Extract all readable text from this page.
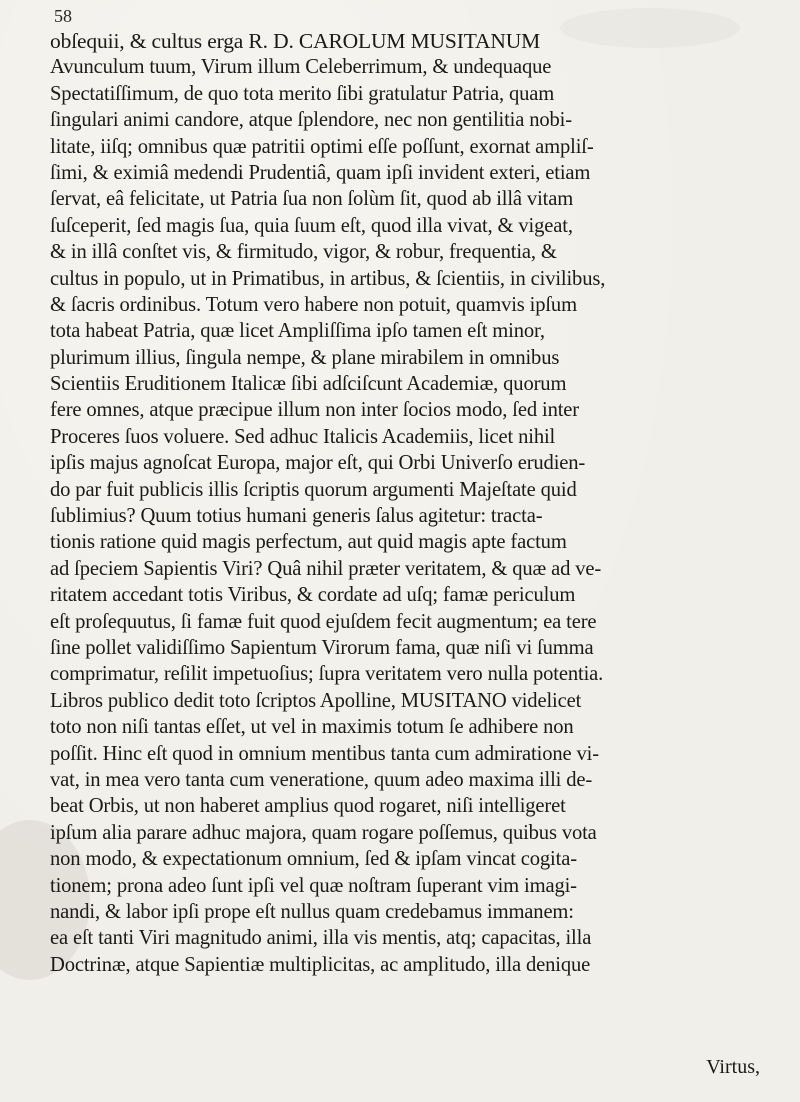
58
obſequii, & cultus erga R. D. CAROLUM MUSITANUM
Avunculum tuum, Virum illum Celeberrimum, & undequaque
Spectatiſſimum, de quo tota merito ſibi gratulatur Patria, quam
ſingulari animi candore, atque ſplendore, nec non gentilitia nobi-
litate, iiſq; omnibus quæ patritii optimi eſſe poſſunt, exornat ampliſ-
ſimi, & eximiâ medendi Prudentiâ, quam ipſi invident exteri, etiam
ſervat, eâ felicitate, ut Patria ſua non ſolùm ſit, quod ab illâ vitam
ſuſceperit, ſed magis ſua, quia ſuum eſt, quod illa vivat, & vigeat,
& in illâ conſtet vis, & firmitudo, vigor, & robur, frequentia, &
cultus in populo, ut in Primatibus, in artibus, & ſcientiis, in civilibus,
& ſacris ordinibus. Totum vero habere non potuit, quamvis ipſum
tota habeat Patria, quæ licet Ampliſſima ipſo tamen eſt minor,
plurimum illius, ſingula nempe, & plane mirabilem in omnibus
Scientiis Eruditionem Italicæ ſibi adſciſcunt Academiæ, quorum
fere omnes, atque præcipue illum non inter ſocios modo, ſed inter
Proceres ſuos voluere. Sed adhuc Italicis Academiis, licet nihil
ipſis majus agnoſcat Europa, major eſt, qui Orbi Univerſo erudien-
do par fuit publicis illis ſcriptis quorum argumenti Majeſtate quid
ſublimius? Quum totius humani generis ſalus agitetur: tracta-
tionis ratione quid magis perfectum, aut quid magis apte factum
ad ſpeciem Sapientis Viri? Quâ nihil præter veritatem, & quæ ad ve-
ritatem accedant totis Viribus, & cordate ad uſq; famæ periculum
eſt proſequutus, ſi famæ fuit quod ejuſdem fecit augmentum; ea tere
ſine pollet validiſſimo Sapientum Virorum fama, quæ niſi vi ſumma
comprimatur, reſilit impetuoſius; ſupra veritatem vero nulla potentia.
Libros publico dedit toto ſcriptos Apolline, MUSITANO videlicet
toto non niſi tantas eſſet, ut vel in maximis totum ſe adhibere non
poſſit. Hinc eſt quod in omnium mentibus tanta cum admiratione vi-
vat, in mea vero tanta cum veneratione, quum adeo maxima illi de-
beat Orbis, ut non haberet amplius quod rogaret, niſi intelligeret
ipſum alia parare adhuc majora, quam rogare poſſemus, quibus vota
non modo, & expectationum omnium, ſed & ipſam vincat cogita-
tionem; prona adeo ſunt ipſi vel quæ noſtram ſuperant vim imagi-
nandi, & labor ipſi prope eſt nullus quam credebamus immanem:
ea eſt tanti Viri magnitudo animi, illa vis mentis, atq; capacitas, illa
Doctrinæ, atque Sapientiæ multiplicitas, ac amplitudo, illa denique
Virtus,
